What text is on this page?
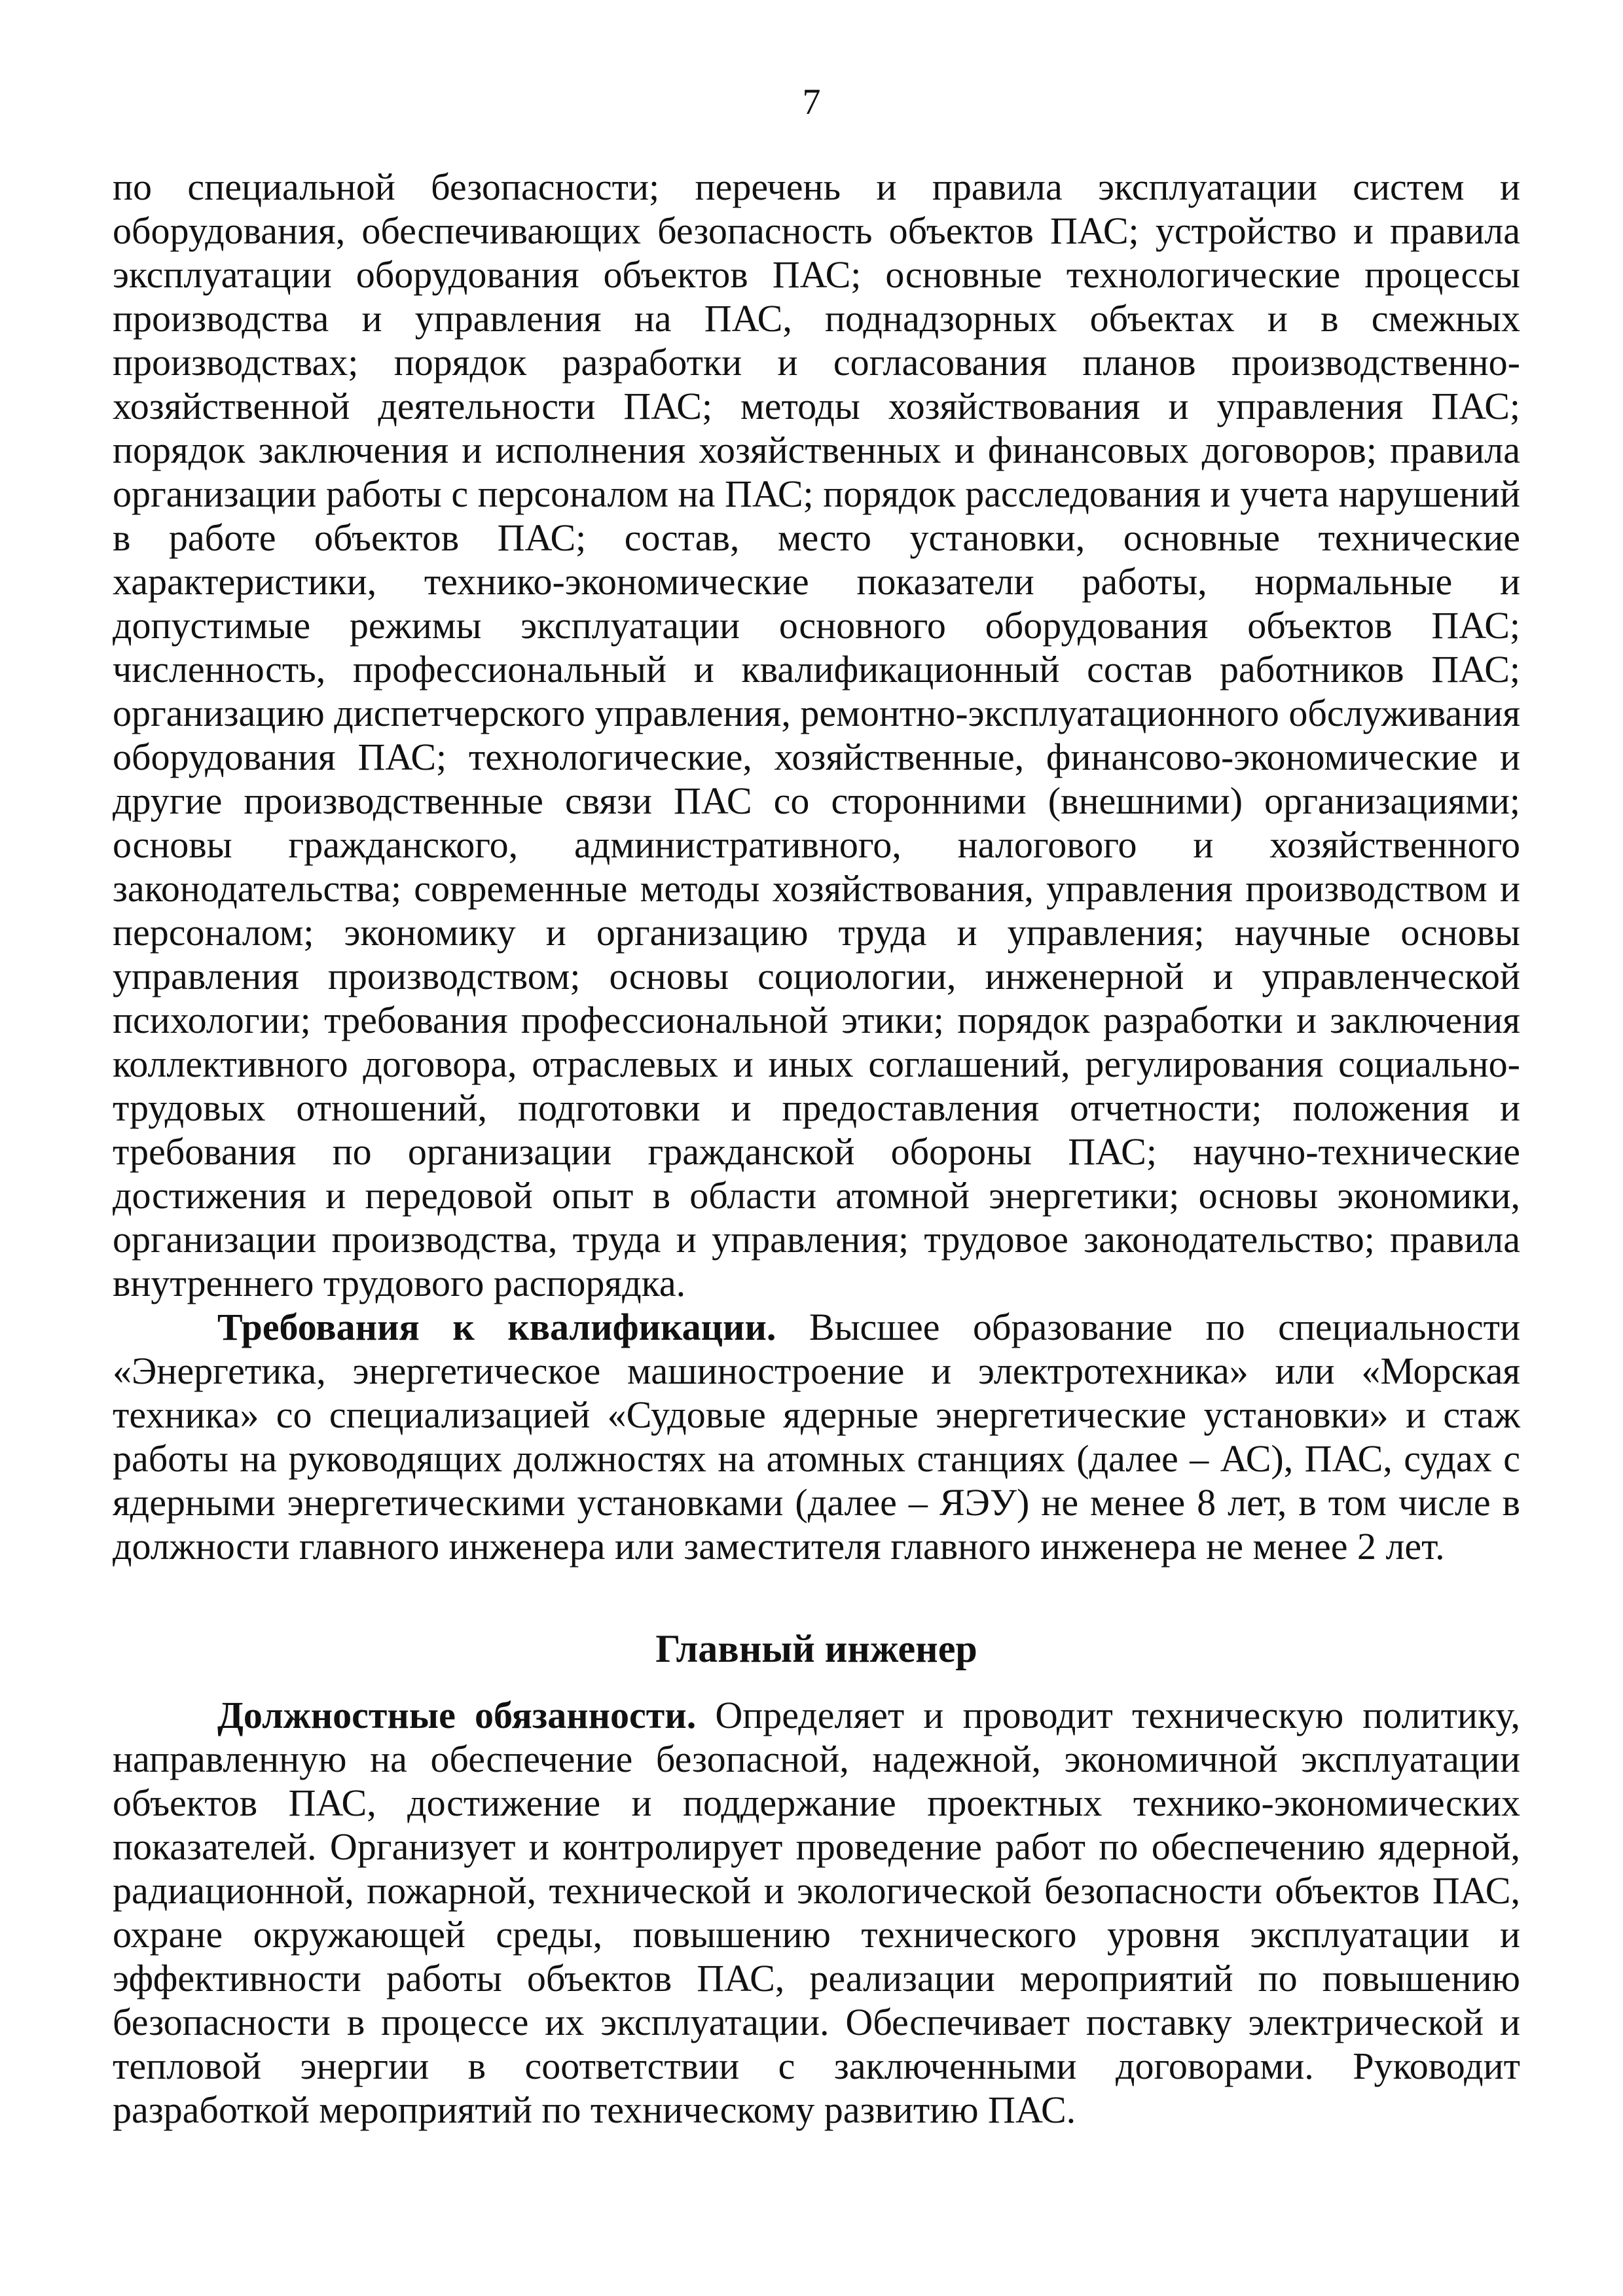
7

по специальной безопасности; перечень и правила эксплуатации систем и оборудования, обеспечивающих безопасность объектов ПАС; устройство и правила эксплуатации оборудования объектов ПАС; основные технологические процессы производства и управления на ПАС, поднадзорных объектах и в смежных производствах; порядок разработки и согласования планов производственно-хозяйственной деятельности ПАС; методы хозяйствования и управления ПАС; порядок заключения и исполнения хозяйственных и финансовых договоров; правила организации работы с персоналом на ПАС; порядок расследования и учета нарушений в работе объектов ПАС; состав, место установки, основные технические характеристики, технико-экономические показатели работы, нормальные и допустимые режимы эксплуатации основного оборудования объектов ПАС; численность, профессиональный и квалификационный состав работников ПАС; организацию диспетчерского управления, ремонтно-эксплуатационного обслуживания оборудования ПАС; технологические, хозяйственные, финансово-экономические и другие производственные связи ПАС со сторонними (внешними) организациями; основы гражданского, административного, налогового и хозяйственного законодательства; современные методы хозяйствования, управления производством и персоналом; экономику и организацию труда и управления; научные основы управления производством; основы социологии, инженерной и управленческой психологии; требования профессиональной этики; порядок разработки и заключения коллективного договора, отраслевых и иных соглашений, регулирования социально-трудовых отношений, подготовки и предоставления отчетности; положения и требования по организации гражданской обороны ПАС; научно-технические достижения и передовой опыт в области атомной энергетики; основы экономики, организации производства, труда и управления; трудовое законодательство; правила внутреннего трудового распорядка.

Требования к квалификации. Высшее образование по специальности «Энергетика, энергетическое машиностроение и электротехника» или «Морская техника» со специализацией «Судовые ядерные энергетические установки» и стаж работы на руководящих должностях на атомных станциях (далее – АС), ПАС, судах с ядерными энергетическими установками (далее – ЯЭУ) не менее 8 лет, в том числе в должности главного инженера или заместителя главного инженера не менее 2 лет.

Главный инженер

Должностные обязанности. Определяет и проводит техническую политику, направленную на обеспечение безопасной, надежной, экономичной эксплуатации объектов ПАС, достижение и поддержание проектных технико-экономических показателей. Организует и контролирует проведение работ по обеспечению ядерной, радиационной, пожарной, технической и экологической безопасности объектов ПАС, охране окружающей среды, повышению технического уровня эксплуатации и эффективности работы объектов ПАС, реализации мероприятий по повышению безопасности в процессе их эксплуатации. Обеспечивает поставку электрической и тепловой энергии в соответствии с заключенными договорами. Руководит разработкой мероприятий по техническому развитию ПАС.
